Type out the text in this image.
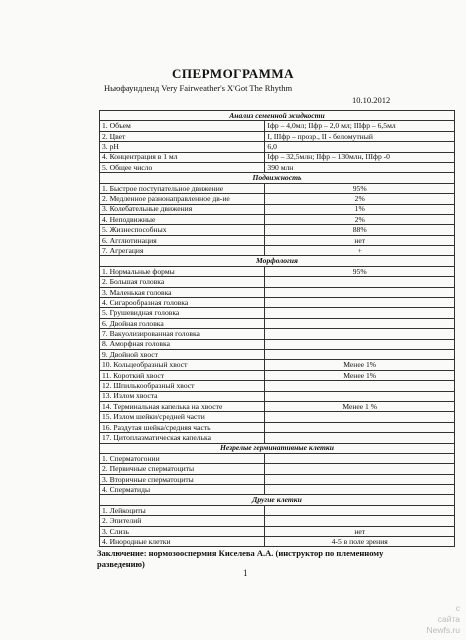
СПЕРМОГРАММА
Ньюфаундленд Very Fairweather's X'Got The Rhythm
10.10.2012
Анализ семенной жидкости	
1. Объем	Iфр – 4,0мл; IIфр – 2,0 мл; IIIфр – 6,5мл
2. Цвет	I, IIIфр – прозр., II - беломутный
3. pH	6,0
4. Концентрация в 1 мл	Iфр – 32,5млн; IIфр – 130млн, IIIфр -0
5. Общее число	390 млн
Подвижность	
1. Быстрое поступательное движение	95%
2. Медленное разнонаправленное дв-ие	2%
3. Колебательные движения	1%
4. Неподвижные	2%
5. Жизнеспособных	88%
6. Агглютинация	нет
7. Агрегация	+
Морфология	
1. Нормальные формы	95%
2. Большая головка	
3. Маленькая головка	
4. Сигарообразная головка	
5. Грушевидная головка	
6. Двойная головка	
7. Вакуолизированная головка	
8. Аморфная головка	
9. Двойной хвост	
10. Кольцеобразный хвост	Менее 1%
11. Короткий хвост	Менее 1%
12. Шпилькообразный хвост	
13. Излом хвоста	
14. Терминальная капелька на хвосте	Менее 1 %
15. Излом шейки/средней части	
16. Раздутая шейка/средняя часть	
17. Цитоплазматическая капелька	
Незрелые герминативные клетки	
1. Сперматогонии	
2. Первичные сперматоциты	
3. Вторичные сперматоциты	
4. Сперматиды	
Другие клетки	
1. Лейкоциты	
2. Эпителий	
3. Слизь	нет
4. Инородные клетки	4-5 в поле зрения
Заключение: нормозооспермия Киселева А.А. (инструктор по племенному разведению)
1
с
сайта
Newfs.ru
